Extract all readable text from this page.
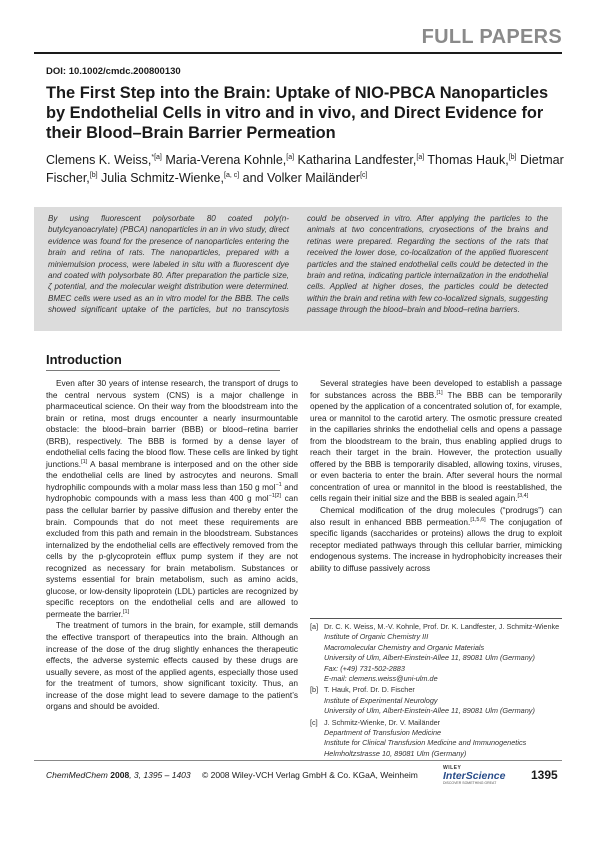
FULL PAPERS
DOI: 10.1002/cmdc.200800130
The First Step into the Brain: Uptake of NIO-PBCA Nanoparticles by Endothelial Cells in vitro and in vivo, and Direct Evidence for their Blood–Brain Barrier Permeation
Clemens K. Weiss,$^{*[a]}$ Maria-Verena Kohnle,[a] Katharina Landfester,[a] Thomas Hauk,[b] Dietmar Fischer,[b] Julia Schmitz-Wienke,[a, c] and Volker Mailänder[c]
By using fluorescent polysorbate 80 coated poly(n-butylcyanoacrylate) (PBCA) nanoparticles in an in vivo study, direct evidence was found for the presence of nanoparticles entering the brain and retina of rats. The nanoparticles, prepared with a miniemulsion process, were labeled in situ with a fluorescent dye and coated with polysorbate 80. After preparation the particle size, ζ potential, and the molecular weight distribution were determined. BMEC cells were used as an in vitro model for the BBB. The cells showed significant uptake of the particles, but no transcytosis could be observed in vitro. After applying the particles to the animals at two concentrations, cryosections of the brains and retinas were prepared. Regarding the sections of the rats that received the lower dose, co-localization of the applied fluorescent particles and the stained endothelial cells could be detected in the brain and retina, indicating particle internalization in the endothelial cells. Applied at higher doses, the particles could be detected within the brain and retina with few co-localized signals, suggesting passage through the blood–brain and blood–retina barriers.
Introduction

Even after 30 years of intense research, the transport of drugs to the central nervous system (CNS) is a major challenge in pharmaceutical science. On their way from the bloodstream into the brain or retina, most drugs encounter a nearly insurmountable obstacle: the blood–brain barrier (BBB) or blood–retina barrier (BRB), respectively. The BBB is formed by a dense layer of endothelial cells facing the blood flow. These cells are linked by tight junctions.[1] A basal membrane is interposed and on the other side the endothelial cells are lined by astrocytes and neurons. Small hydrophilic compounds with a molar mass less than 150 g mol$^{-1}$ and hydrophobic compounds with a mass less than 400 g mol$^{-1[2]}$ can pass the cellular barrier by passive diffusion and thereby enter the brain. Compounds that do not meet these requirements are excluded from this path and remain in the bloodstream. Substances internalized by the endothelial cells are effectively removed from the cells by the p-glycoprotein efflux pump system if they are not recognized as necessary for brain metabolism. Substances or systems essential for brain metabolism, such as amino acids, glucose, or low-density lipoprotein (LDL) particles are recognized by specific receptors on the endothelial cells and are allowed to permeate the barrier.[1]

The treatment of tumors in the brain, for example, still demands the effective transport of therapeutics into the brain. Although an increase of the dose of the drug slightly enhances the therapeutic effects, the adverse systemic effects caused by these drugs are usually severe, as most of the applied agents, especially those used for the treatment of tumors, show significant toxicity. Thus, an increase of the dose might lead to severe damage to the patient’s organs and should be avoided.

Several strategies have been developed to establish a passage for substances across the BBB.[1] The BBB can be temporarily opened by the application of a concentrated solution of, for example, urea or mannitol to the carotid artery. The osmotic pressure created in the capillaries shrinks the endothelial cells and opens a passage from the bloodstream to the brain, thus enabling applied drugs to reach their target in the brain. However, the protection usually offered by the BBB is temporarily disabled, allowing toxins, viruses, or even bacteria to enter the brain. After several hours the normal concentration of urea or mannitol in the blood is reestablished, the cells regain their initial size and the BBB is sealed again.[3,4]

Chemical modification of the drug molecules (“prodrugs”) can also result in enhanced BBB permeation.[1,5,6] The conjugation of specific ligands (saccharides or proteins) allows the drug to exploit receptor mediated pathways through this cellular barrier, mimicking endogenous systems. The increase in hydrophobicity increases their ability to diffuse passively across

[a] Dr. C. K. Weiss, M.-V. Kohnle, Prof. Dr. K. Landfester, J. Schmitz-Wienke
Institute of Organic Chemistry III
Macromolecular Chemistry and Organic Materials
University of Ulm, Albert-Einstein-Allee 11, 89081 Ulm (Germany)
Fax: (+49) 731-502-2883
E-mail: clemens.weiss@uni-ulm.de
[b] T. Hauk, Prof. Dr. D. Fischer
Institute of Experimental Neurology
University of Ulm, Albert-Einstein-Allee 11, 89081 Ulm (Germany)
[c] J. Schmitz-Wienke, Dr. V. Mailänder
Department of Transfusion Medicine
Institute for Clinical Transfusion Medicine and Immunogenetics
Helmholtzstrasse 10, 89081 Ulm (Germany)
ChemMedChem 2008, 3, 1395 – 1403 © 2008 Wiley-VCH Verlag GmbH & Co. KGaA, Weinheim
WILEY
InterScience
DISCOVER SOMETHING GREAT
1395
